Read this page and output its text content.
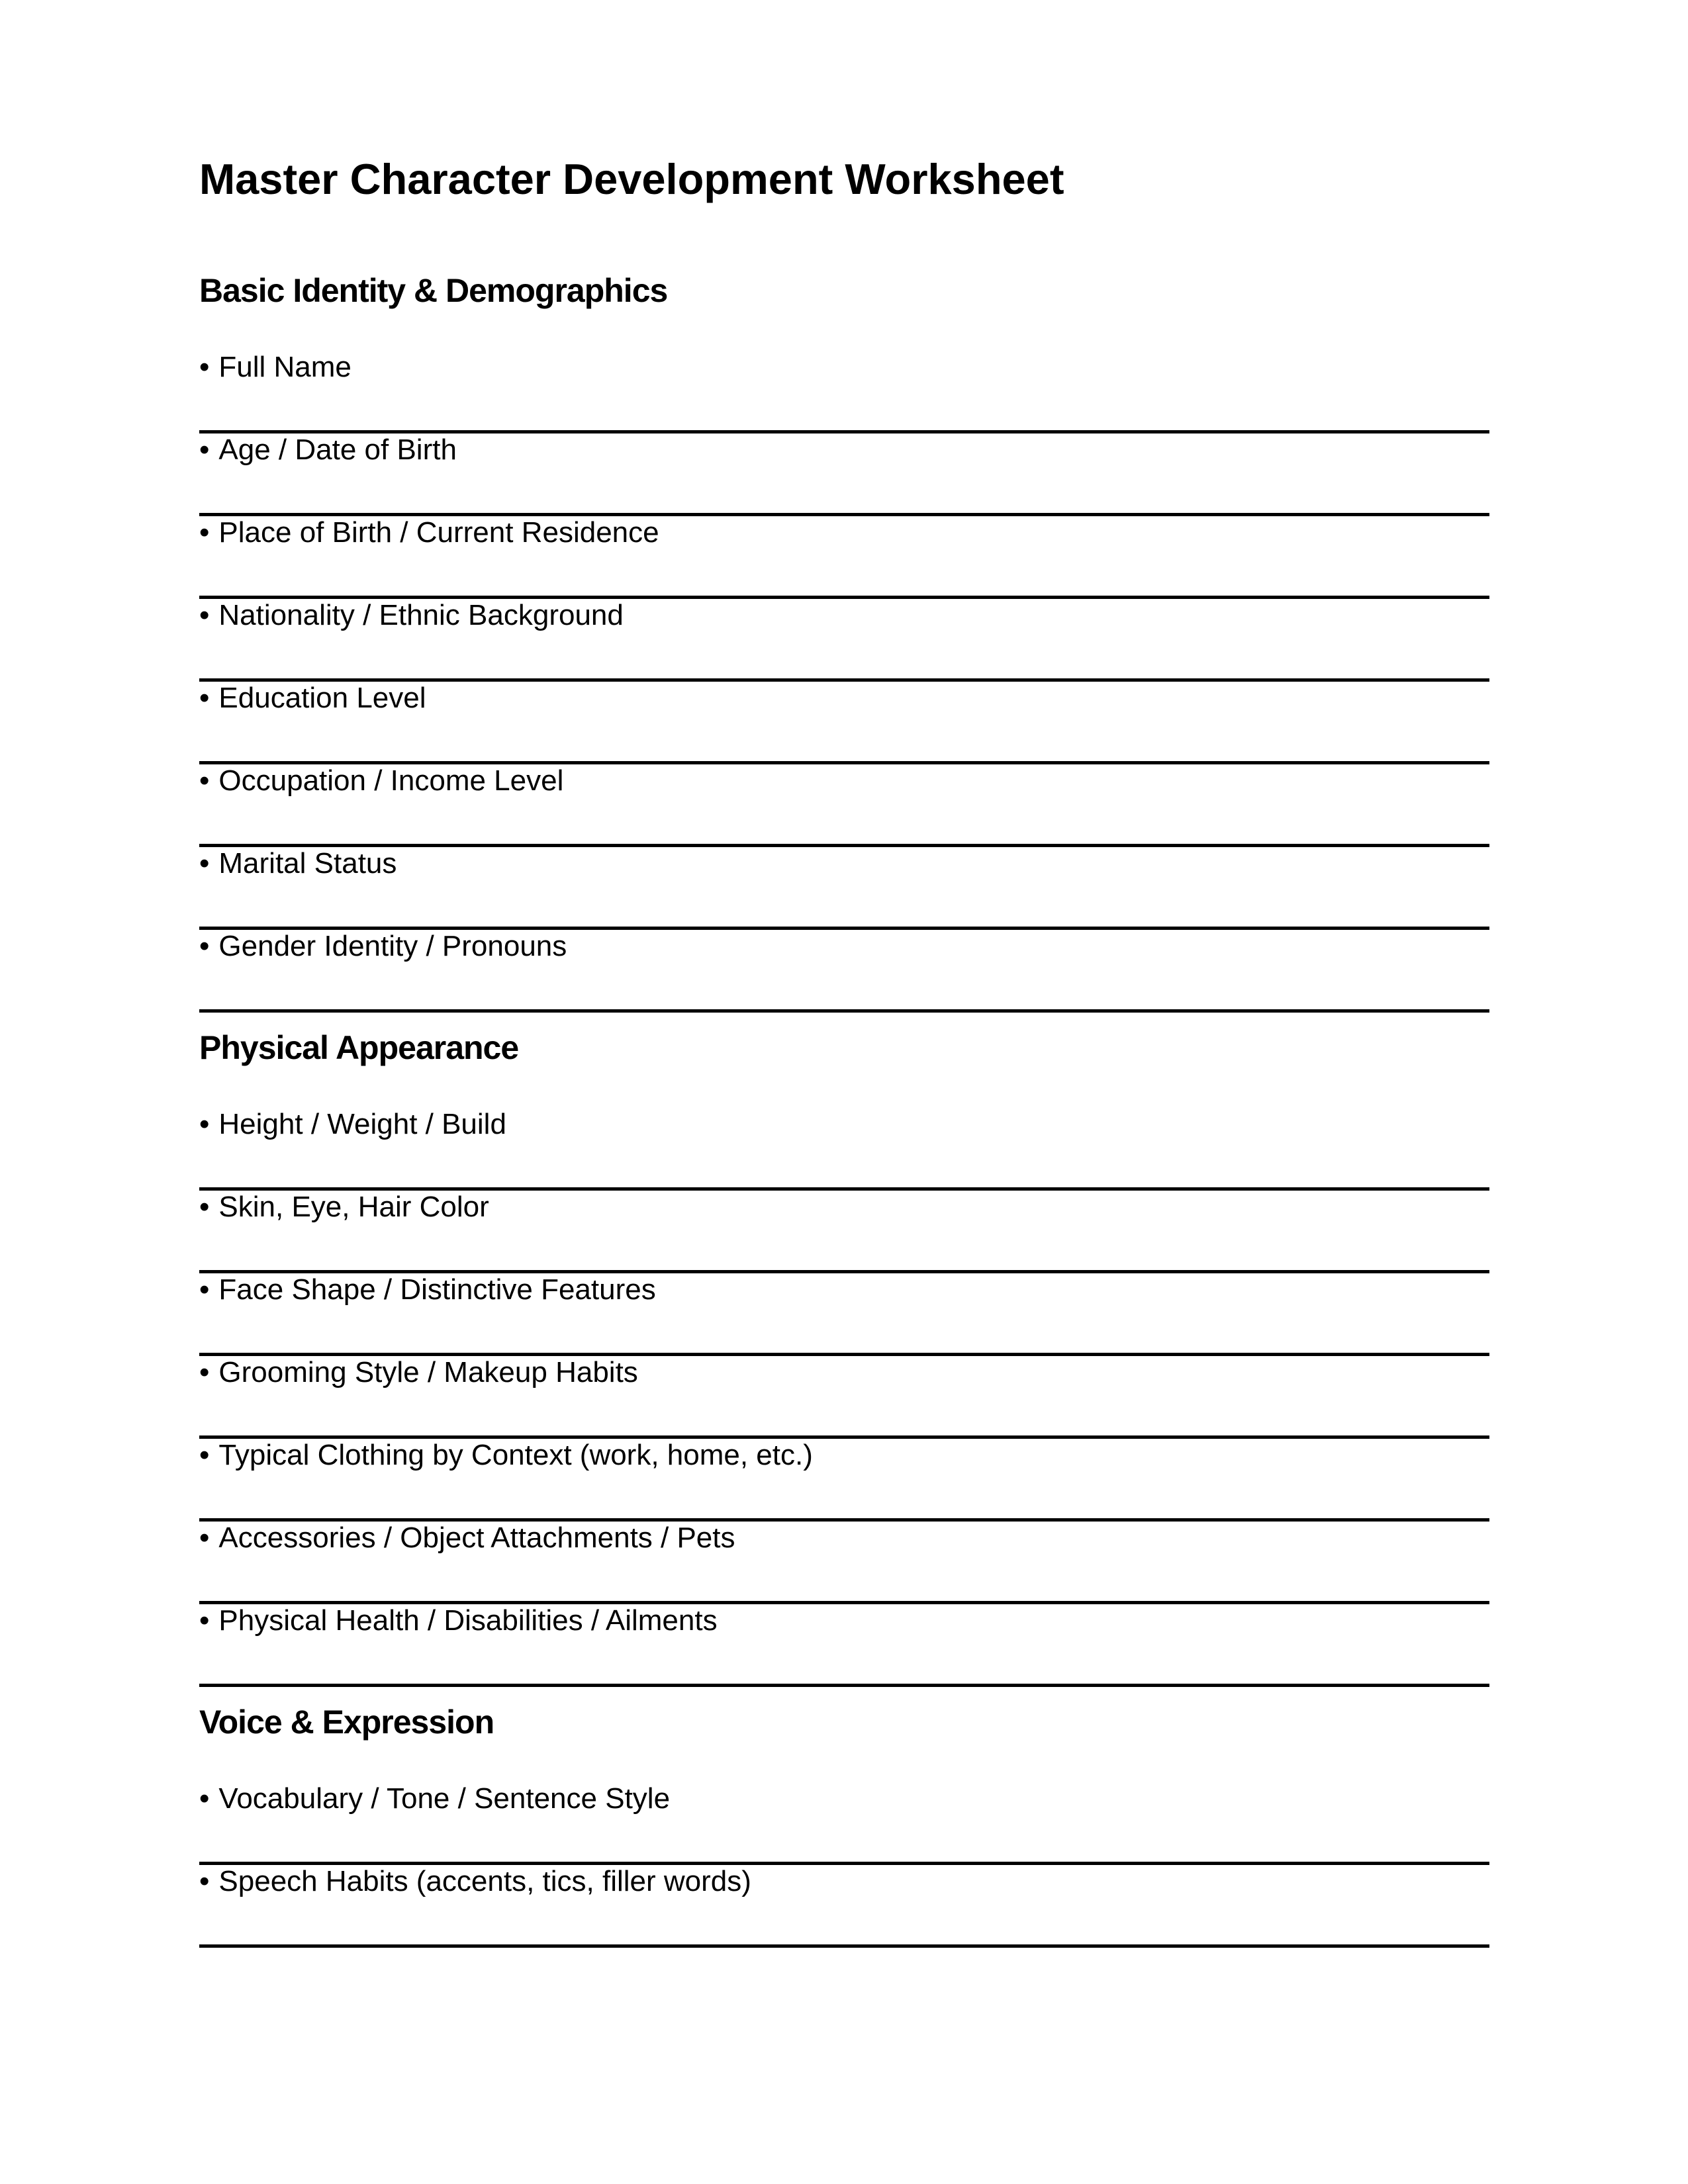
Master Character Development Worksheet
Basic Identity & Demographics
•Full Name
•Age / Date of Birth
•Place of Birth / Current Residence
•Nationality / Ethnic Background
•Education Level
•Occupation / Income Level
•Marital Status
•Gender Identity / Pronouns
Physical Appearance
•Height / Weight / Build
•Skin, Eye, Hair Color
•Face Shape / Distinctive Features
•Grooming Style / Makeup Habits
•Typical Clothing by Context (work, home, etc.)
•Accessories / Object Attachments / Pets
•Physical Health / Disabilities / Ailments
Voice & Expression
•Vocabulary / Tone / Sentence Style
•Speech Habits (accents, tics, filler words)
